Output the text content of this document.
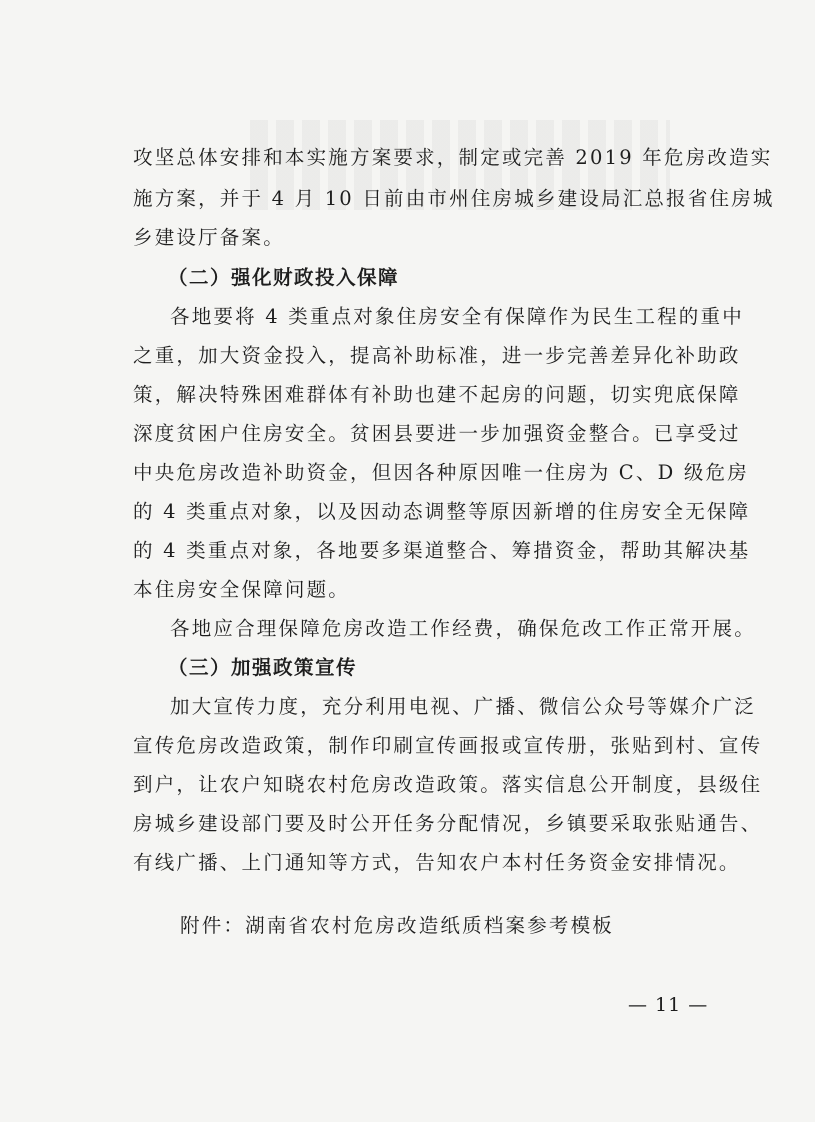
攻坚总体安排和本实施方案要求，制定或完善 2019 年危房改造实
施方案，并于 4 月 10 日前由市州住房城乡建设局汇总报省住房城
乡建设厅备案。
（二）强化财政投入保障
各地要将 4 类重点对象住房安全有保障作为民生工程的重中
之重，加大资金投入，提高补助标准，进一步完善差异化补助政
策，解决特殊困难群体有补助也建不起房的问题，切实兜底保障
深度贫困户住房安全。贫困县要进一步加强资金整合。已享受过
中央危房改造补助资金，但因各种原因唯一住房为 C、D 级危房
的 4 类重点对象，以及因动态调整等原因新增的住房安全无保障
的 4 类重点对象，各地要多渠道整合、筹措资金，帮助其解决基
本住房安全保障问题。
各地应合理保障危房改造工作经费，确保危改工作正常开展。
（三）加强政策宣传
加大宣传力度，充分利用电视、广播、微信公众号等媒介广泛
宣传危房改造政策，制作印刷宣传画报或宣传册，张贴到村、宣传
到户，让农户知晓农村危房改造政策。落实信息公开制度，县级住
房城乡建设部门要及时公开任务分配情况，乡镇要采取张贴通告、
有线广播、上门通知等方式，告知农户本村任务资金安排情况。
附件：湖南省农村危房改造纸质档案参考模板
— 11 —
